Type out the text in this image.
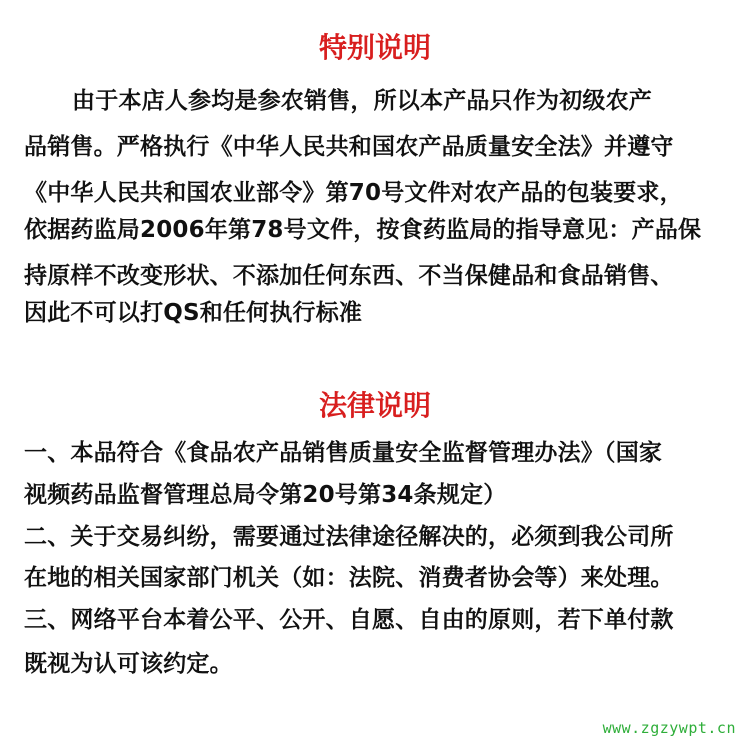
特别说明
由于本店人参均是参农销售，所以本产品只作为初级农产
品销售。严格执行《中华人民共和国农产品质量安全法》并遵守
《中华人民共和国农业部令》第70号文件对农产品的包装要求，
依据药监局2006年第78号文件，按食药监局的指导意见：产品保
持原样不改变形状、不添加任何东西、不当保健品和食品销售、
因此不可以打QS和任何执行标准
法律说明
一、本品符合《食品农产品销售质量安全监督管理办法》（国家
视频药品监督管理总局令第20号第34条规定）
二、关于交易纠纷，需要通过法律途径解决的，必须到我公司所
在地的相关国家部门机关（如：法院、消费者协会等）来处理。
三、网络平台本着公平、公开、自愿、自由的原则，若下单付款
既视为认可该约定。
www.zgzywpt.cn
